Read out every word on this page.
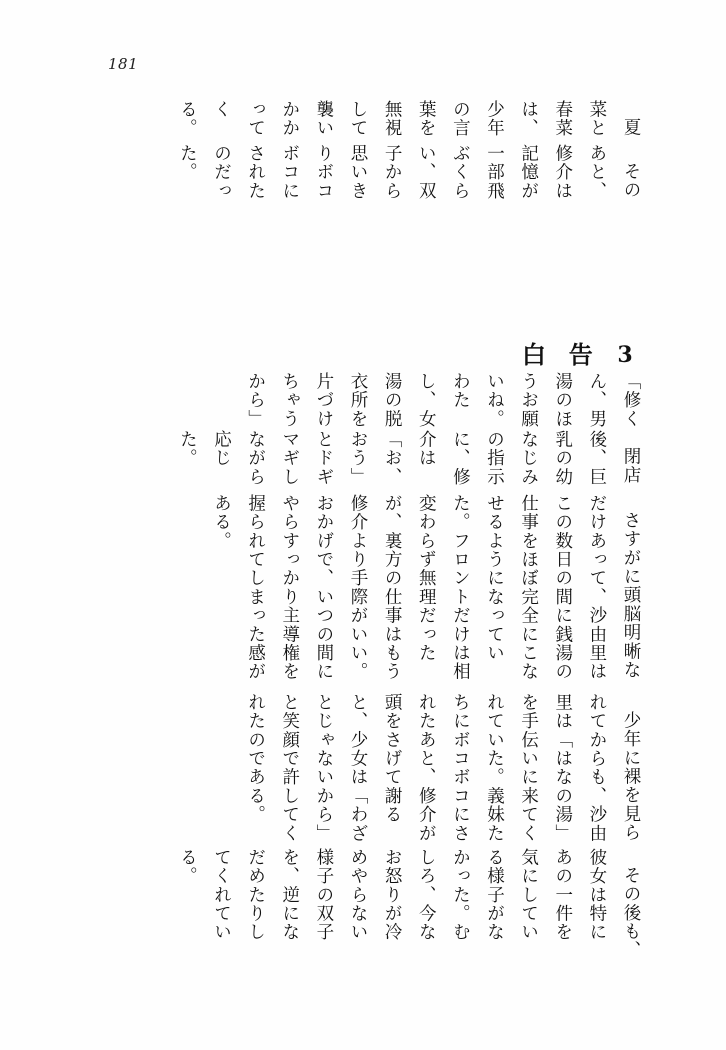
181

夏菜と春菜は、少年の言葉を無視して襲いかかってくる。

そのあと、修介は記憶が一部飛ぶくらい、双子から思いきりボコボコにされたのだった。

3 告白

「修くん、男湯のほうお願いね。わたし、女湯の脱衣所を片づけちゃうから」

閉店後、巨乳の幼なじみの指示に、修介は「お、おう」とドギマギしながら応じた。

さすがに頭脳明晰なだけあって、沙由里はこの数日の間に銭湯の仕事をほぼ完全にこなせるようになっていた。フロントだけは相変わらず無理だったが、裏方の仕事はもう修介より手際がいい。おかげで、いつの間にやらすっかり主導権を握られてしまった感がある。

少年に裸を見られてからも、沙由里は「はなの湯」を手伝いに来てくれていた。義妹たちにボコボコにされたあと、修介が頭をさげて謝ると、少女は「わざとじゃないから」と笑顔で許してくれたのである。

その後も、彼女は特にあの一件を気にしている様子がなかった。むしろ、今なお怒りが冷めやらない様子の双子を、逆になだめたりしてくれている。
